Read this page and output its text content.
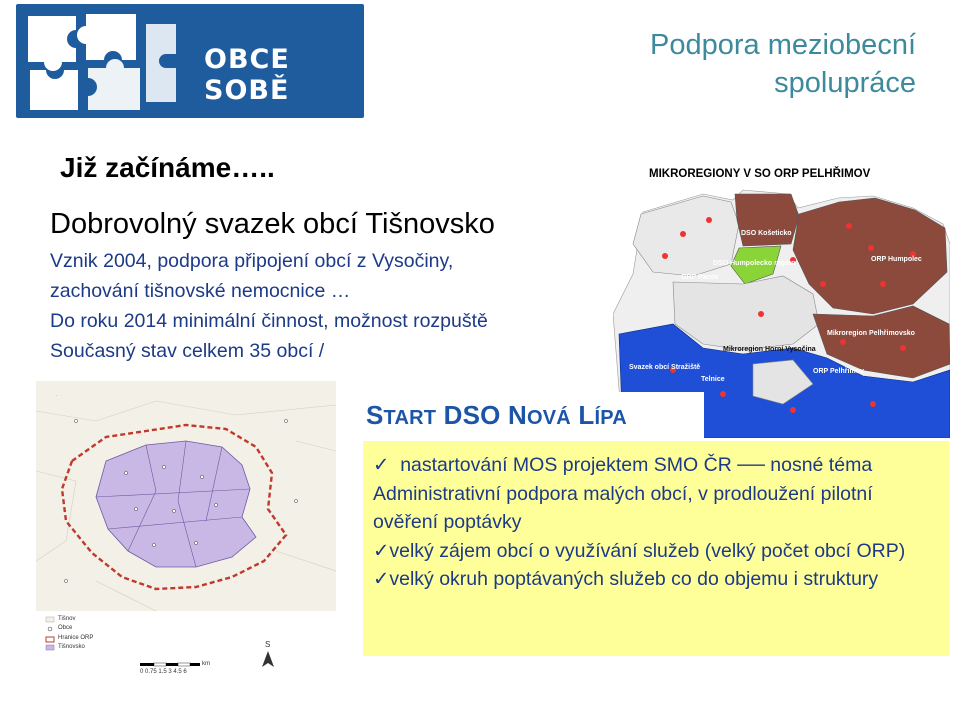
OBCE SOBĚ
Podpora meziobecní
spolupráce
Již začínáme…..
Dobrovolný svazek obcí Tišnovsko
Vznik 2004, podpora připojení obcí z Vysočiny,
zachování tišnovské nemocnice …
Do roku 2014 minimální činnost, možnost rozpuště
Současný stav celkem 35 obcí /
MIKROREGIONY V SO ORP PELHŘIMOV
DSO Košeticko
DSO Humpolecko region
ORP Humpolec
ORP Pacov
Mikroregion Pelhřimovsko
Mikroregion Horní Vysočina
ORP Pelhřimov
Svazek obcí Stražiště
Telnice
·
Tišnov
Obce
Hranice ORP
Tišnovsko
0 0.75 1.5 3 4.5 6
km
S
START DSO NOVÁ LÍPA
✓  nastartování MOS projektem SMO ČR ── nosné téma Administrativní podpora malých obcí, v prodloužení pilotní ověření poptávky
✓velký zájem obcí o využívání služeb (velký počet obcí ORP)
✓velký okruh poptávaných služeb co do objemu i struktury
